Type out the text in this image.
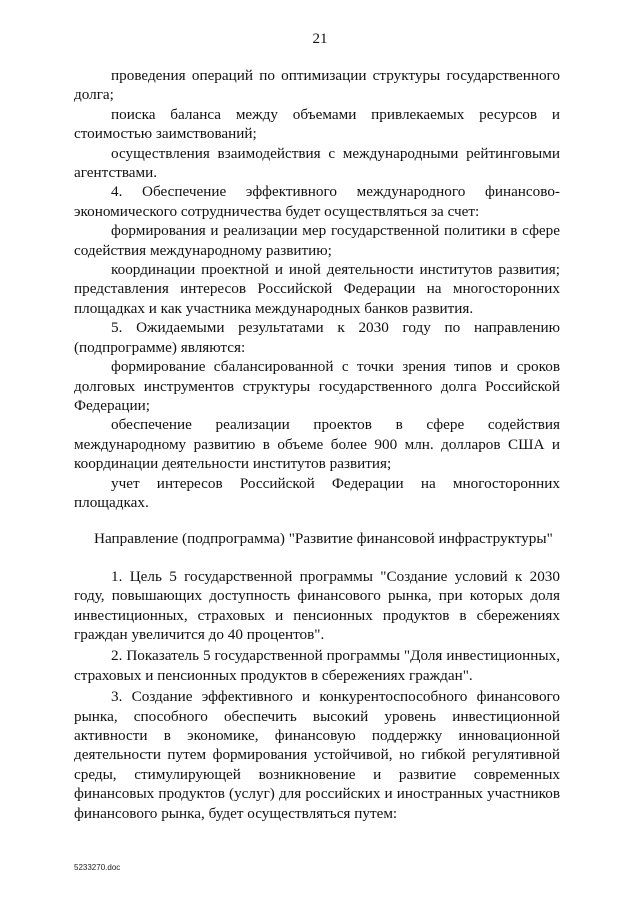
21

проведения операций по оптимизации структуры государственного долга;

поиска баланса между объемами привлекаемых ресурсов и стоимостью заимствований;

осуществления взаимодействия с международными рейтинговыми агентствами.

4. Обеспечение эффективного международного финансово-экономического сотрудничества будет осуществляться за счет:

формирования и реализации мер государственной политики в сфере содействия международному развитию;

координации проектной и иной деятельности институтов развития; представления интересов Российской Федерации на многосторонних площадках и как участника международных банков развития.

5. Ожидаемыми результатами к 2030 году по направлению (подпрограмме) являются:

формирование сбалансированной с точки зрения типов и сроков долговых инструментов структуры государственного долга Российской Федерации;

обеспечение реализации проектов в сфере содействия международному развитию в объеме более 900 млн. долларов США и координации деятельности институтов развития;

учет интересов Российской Федерации на многосторонних площадках.

Направление (подпрограмма) "Развитие финансовой инфраструктуры"

1. Цель 5 государственной программы "Создание условий к 2030 году, повышающих доступность финансового рынка, при которых доля инвестиционных, страховых и пенсионных продуктов в сбережениях граждан увеличится до 40 процентов".

2. Показатель 5 государственной программы "Доля инвестиционных, страховых и пенсионных продуктов в сбережениях граждан".

3. Создание эффективного и конкурентоспособного финансового рынка, способного обеспечить высокий уровень инвестиционной активности в экономике, финансовую поддержку инновационной деятельности путем формирования устойчивой, но гибкой регулятивной среды, стимулирующей возникновение и развитие современных финансовых продуктов (услуг) для российских и иностранных участников финансового рынка, будет осуществляться путем:

5233270.doc
